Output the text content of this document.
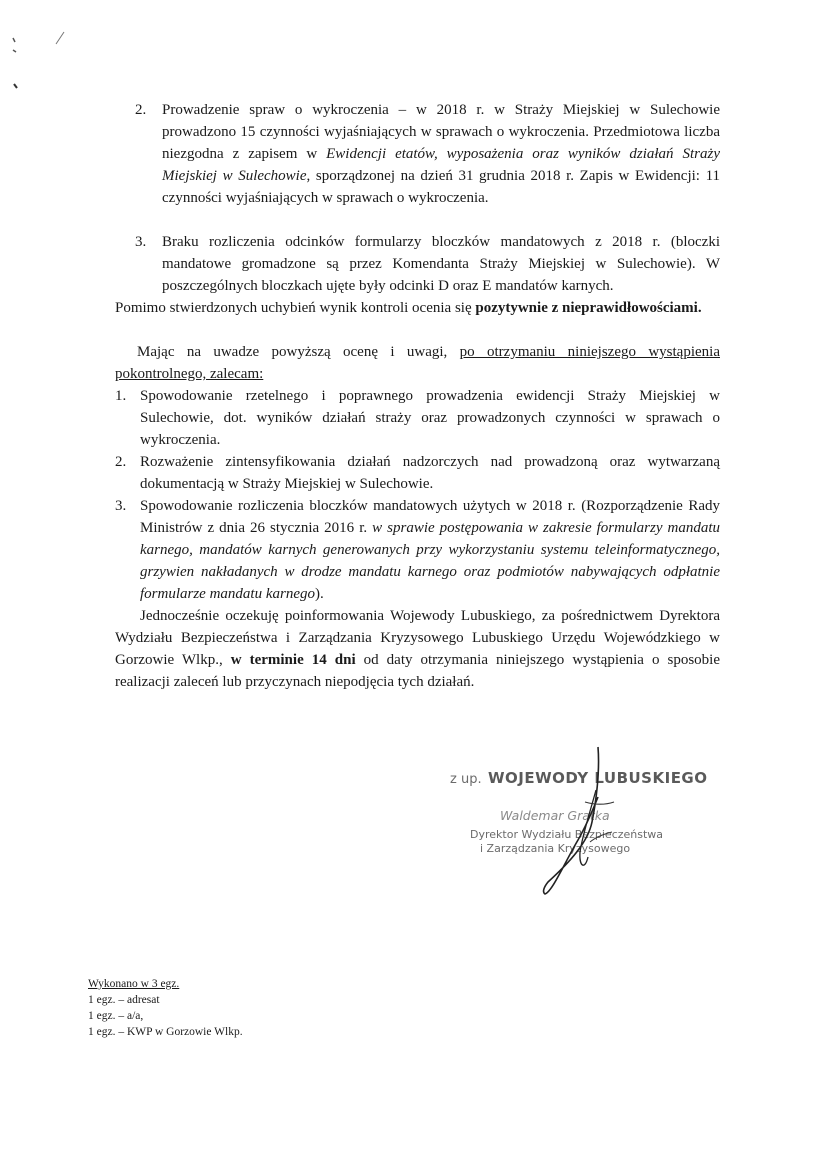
2. Prowadzenie spraw o wykroczenia – w 2018 r. w Straży Miejskiej w Sulechowie prowadzono 15 czynności wyjaśniających w sprawach o wykroczenia. Przedmiotowa liczba niezgodna z zapisem w Ewidencji etatów, wyposażenia oraz wyników działań Straży Miejskiej w Sulechowie, sporządzonej na dzień 31 grudnia 2018 r. Zapis w Ewidencji: 11 czynności wyjaśniających w sprawach o wykroczenia.
3. Braku rozliczenia odcinków formularzy bloczków mandatowych z 2018 r. (bloczki mandatowe gromadzone są przez Komendanta Straży Miejskiej w Sulechowie). W poszczególnych bloczkach ujęte były odcinki D oraz E mandatów karnych.
Pomimo stwierdzonych uchybień wynik kontroli ocenia się pozytywnie z nieprawidłowościami.
Mając na uwadze powyższą ocenę i uwagi, po otrzymaniu niniejszego wystąpienia pokontrolnego, zalecam:
1. Spowodowanie rzetelnego i poprawnego prowadzenia ewidencji Straży Miejskiej w Sulechowie, dot. wyników działań straży oraz prowadzonych czynności w sprawach o wykroczenia.
2. Rozważenie zintensyfikowania działań nadzorczych nad prowadzoną oraz wytwarzaną dokumentacją w Straży Miejskiej w Sulechowie.
3. Spowodowanie rozliczenia bloczków mandatowych użytych w 2018 r. (Rozporządzenie Rady Ministrów z dnia 26 stycznia 2016 r. w sprawie postępowania w zakresie formularzy mandatu karnego, mandatów karnych generowanych przy wykorzystaniu systemu teleinformatycznego, grzywien nakładanych w drodze mandatu karnego oraz podmiotów nabywających odpłatnie formularze mandatu karnego).
Jednocześnie oczekuję poinformowania Wojewody Lubuskiego, za pośrednictwem Dyrektora Wydziału Bezpieczeństwa i Zarządzania Kryzysowego Lubuskiego Urzędu Wojewódzkiego w Gorzowie Wlkp., w terminie 14 dni od daty otrzymania niniejszego wystąpienia o sposobie realizacji zaleceń lub przyczynach niepodjęcia tych działań.
z up. WOJEWODY LUBUSKIEGO
Waldemar Gratka
Dyrektor Wydziału Bezpieczeństwa
i Zarządzania Kryzysowego
Wykonano w 3 egz.
1 egz. – adresat
1 egz. – a/a,
1 egz. – KWP w Gorzowie Wlkp.
